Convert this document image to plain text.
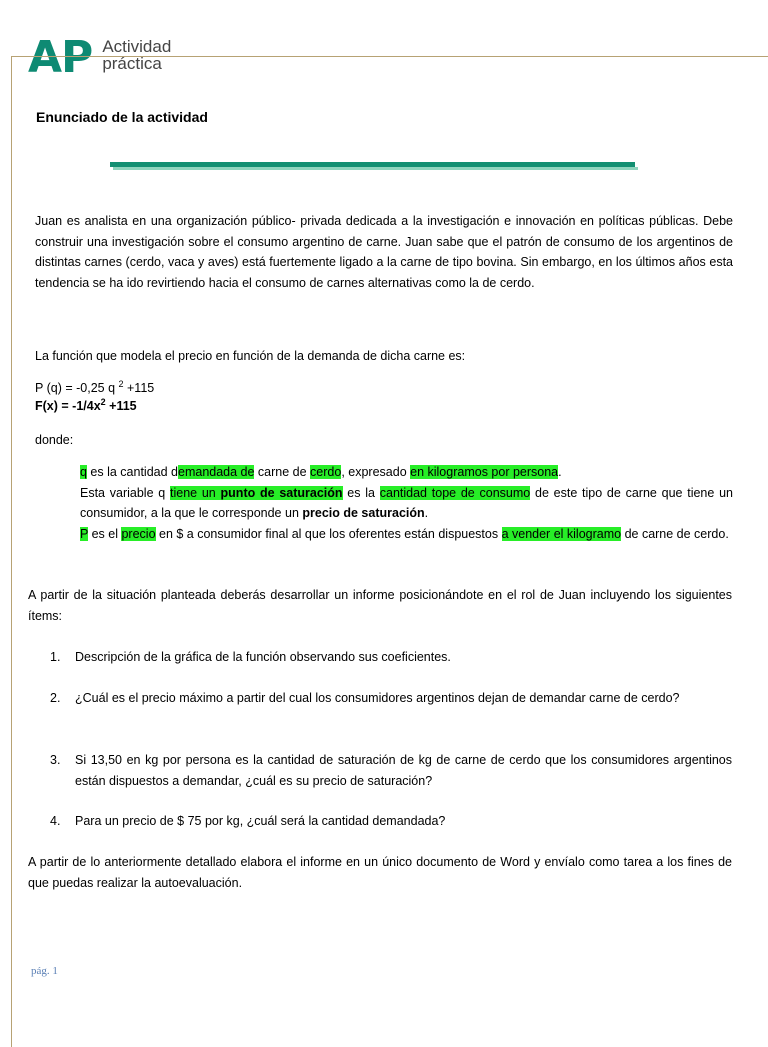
AP Actividad
práctica
Enunciado de la actividad
Juan es analista en una organización público- privada dedicada a la investigación e innovación en políticas públicas. Debe construir una investigación sobre el consumo argentino de carne. Juan sabe que el patrón de consumo de los argentinos de distintas carnes (cerdo, vaca y aves) está fuertemente ligado a la carne de tipo bovina. Sin embargo, en los últimos años esta tendencia se ha ido revirtiendo hacia el consumo de carnes alternativas como la de cerdo.
La función que modela el precio en función de la demanda de dicha carne es:
P (q) = -0,25 q $^2$ +115
$F(x) = -1/4x^2 +115$
donde:

q es la cantidad demandada de carne de cerdo, expresado en kilogramos por persona.

Esta variable q tiene un punto de saturación es la cantidad tope de consumo de este tipo de carne que tiene un consumidor, a la que le corresponde un precio de saturación.

P es el precio en $ a consumidor final al que los oferentes están dispuestos a vender el kilogramo de carne de cerdo.

A partir de la situación planteada deberás desarrollar un informe posicionándote en el rol de Juan incluyendo los siguientes ítems:
1. Descripción de la gráfica de la función observando sus coeficientes.
2. ¿Cuál es el precio máximo a partir del cual los consumidores argentinos dejan de demandar carne de cerdo?
3. Si 13,50 en kg por persona es la cantidad de saturación de kg de carne de cerdo que los consumidores argentinos están dispuestos a demandar, ¿cuál es su precio de saturación?
4. Para un precio de $ 75 por kg, ¿cuál será la cantidad demandada?
A partir de lo anteriormente detallado elabora el informe en un único documento de Word y envíalo como tarea a los fines de que puedas realizar la autoevaluación.
pág. 1
